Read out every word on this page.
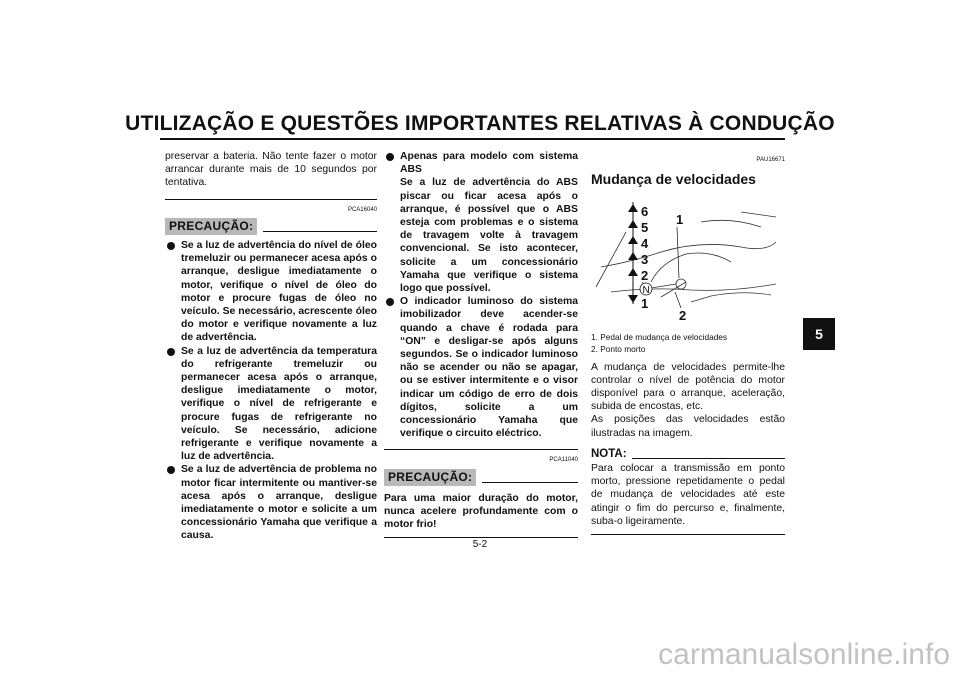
UTILIZAÇÃO E QUESTÕES IMPORTANTES RELATIVAS À CONDUÇÃO

preservar a bateria. Não tente fazer o motor arrancar durante mais de 10 segundos por tentativa.

PCA16040
PRECAUÇÃO:
Se a luz de advertência do nível de óleo tremeluzir ou permanecer acesa após o arranque, desligue imediatamente o motor, verifique o nível de óleo do motor e procure fugas de óleo no veículo. Se necessário, acrescente óleo do motor e verifique novamente a luz de advertência.
Se a luz de advertência da temperatura do refrigerante tremeluzir ou permanecer acesa após o arranque, desligue imediatamente o motor, verifique o nível de refrigerante e procure fugas de refrigerante no veículo. Se necessário, adicione refrigerante e verifique novamente a luz de advertência.
Se a luz de advertência de problema no motor ficar intermitente ou mantiver-se acesa após o arranque, desligue imediatamente o motor e solicite a um concessionário Yamaha que verifique a causa.
Apenas para modelo com sistema ABS
Se a luz de advertência do ABS piscar ou ficar acesa após o arranque, é possível que o ABS esteja com problemas e o sistema de travagem volte à travagem convencional. Se isto acontecer, solicite a um concessionário Yamaha que verifique o sistema logo que possível.
O indicador luminoso do sistema imobilizador deve acender-se quando a chave é rodada para “ON” e desligar-se após alguns segundos. Se o indicador luminoso não se acender ou não se apagar, ou se estiver intermitente e o visor indicar um código de erro de dois dígitos, solicite a um concessionário Yamaha que verifique o circuito eléctrico.
PCA11040
PRECAUÇÃO:

Para uma maior duração do motor, nunca acelere profundamente com o motor frio!

PAU16671
Mudança de velocidades
6
5
4
3
2
1
N
1
2
1. Pedal de mudança de velocidades
2. Ponto morto

A mudança de velocidades permite-lhe controlar o nível de potência do motor disponível para o arranque, aceleração, subida de encostas, etc.

As posições das velocidades estão ilustradas na imagem.

NOTA:

Para colocar a transmissão em ponto morto, pressione repetidamente o pedal de mudança de velocidades até este atingir o fim do percurso e, finalmente, suba-o ligeiramente.

5
5-2
carmanualsonline.info
